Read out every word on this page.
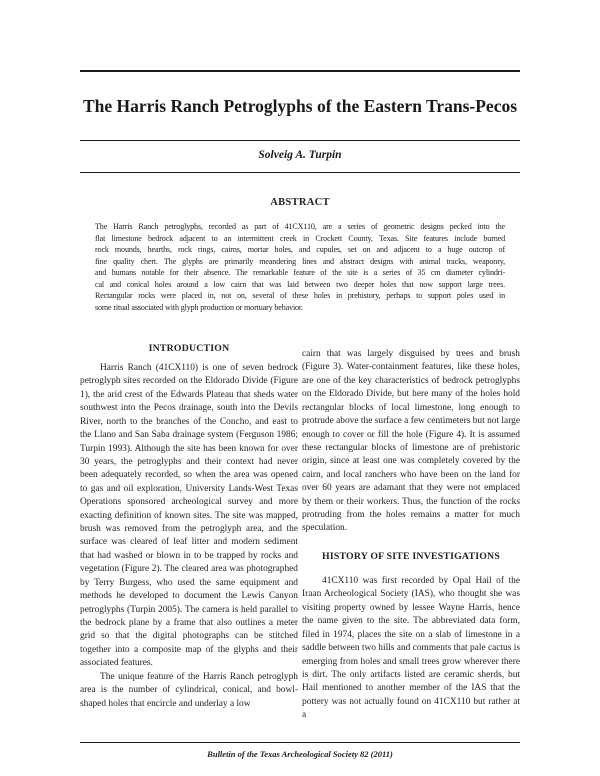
The Harris Ranch Petroglyphs of the Eastern Trans-Pecos

Solveig A. Turpin

ABSTRACT

The Harris Ranch petroglyphs, recorded as part of 41CX110, are a series of geometric designs pecked into the

flat limestone bedrock adjacent to an intermittent creek in Crockett County, Texas. Site features include burned

rock mounds, hearths, rock rings, cairns, mortar holes, and cupules, set on and adjacent to a huge outcrop of

fine quality chert. The glyphs are primarily meandering lines and abstract designs with animal tracks, weaponry,

and humans notable for their absence. The remarkable feature of the site is a series of 35 cm diameter cylindri-

cal and conical holes around a low cairn that was laid between two deeper holes that now support large trees.

Rectangular rocks were placed in, not on, several of these holes in prehistory, perhaps to support poles used in

some ritual associated with glyph production or mortuary behavior.

INTRODUCTION

Harris Ranch (41CX110) is one of seven bedrock petroglyph sites recorded on the Eldorado Divide (Figure 1), the arid crest of the Edwards Plateau that sheds water southwest into the Pecos drainage, south into the Devils River, north to the branches of the Concho, and east to the Llano and San Saba drainage system (Ferguson 1986; Turpin 1993). Although the site has been known for over 30 years, the petroglyphs and their context had never been adequately recorded, so when the area was opened to gas and oil exploration, University Lands-West Texas Operations sponsored archeological survey and more exacting definition of known sites. The site was mapped, brush was removed from the petroglyph area, and the surface was cleared of leaf litter and modern sediment that had washed or blown in to be trapped by rocks and vegetation (Figure 2). The cleared area was photographed by Terry Burgess, who used the same equipment and methods he developed to document the Lewis Canyon petroglyphs (Turpin 2005). The camera is held parallel to the bedrock plane by a frame that also outlines a meter grid so that the digital photographs can be stitched together into a composite map of the glyphs and their associated features.

The unique feature of the Harris Ranch petroglyph area is the number of cylindrical, conical, and bowl-shaped holes that encircle and underlay a low

cairn that was largely disguised by trees and brush (Figure 3). Water-containment features, like these holes, are one of the key characteristics of bedrock petroglyphs on the Eldorado Divide, but here many of the holes hold rectangular blocks of local limestone, long enough to protrude above the surface a few centimeters but not large enough to cover or fill the hole (Figure 4). It is assumed these rectangular blocks of limestone are of prehistoric origin, since at least one was completely covered by the cairn, and local ranchers who have been on the land for over 60 years are adamant that they were not emplaced by them or their workers. Thus, the function of the rocks protruding from the holes remains a matter for much speculation.

HISTORY OF SITE INVESTIGATIONS

41CX110 was first recorded by Opal Hail of the Iraan Archeological Society (IAS), who thought she was visiting property owned by lessee Wayne Harris, hence the name given to the site. The abbreviated data form, filed in 1974, places the site on a slab of limestone in a saddle between two hills and comments that pale cactus is emerging from holes and small trees grow wherever there is dirt. The only artifacts listed are ceramic sherds, but Hail mentioned to another member of the IAS that the pottery was not actually found on 41CX110 but rather at a

Bulletin of the Texas Archeological Society 82 (2011)
